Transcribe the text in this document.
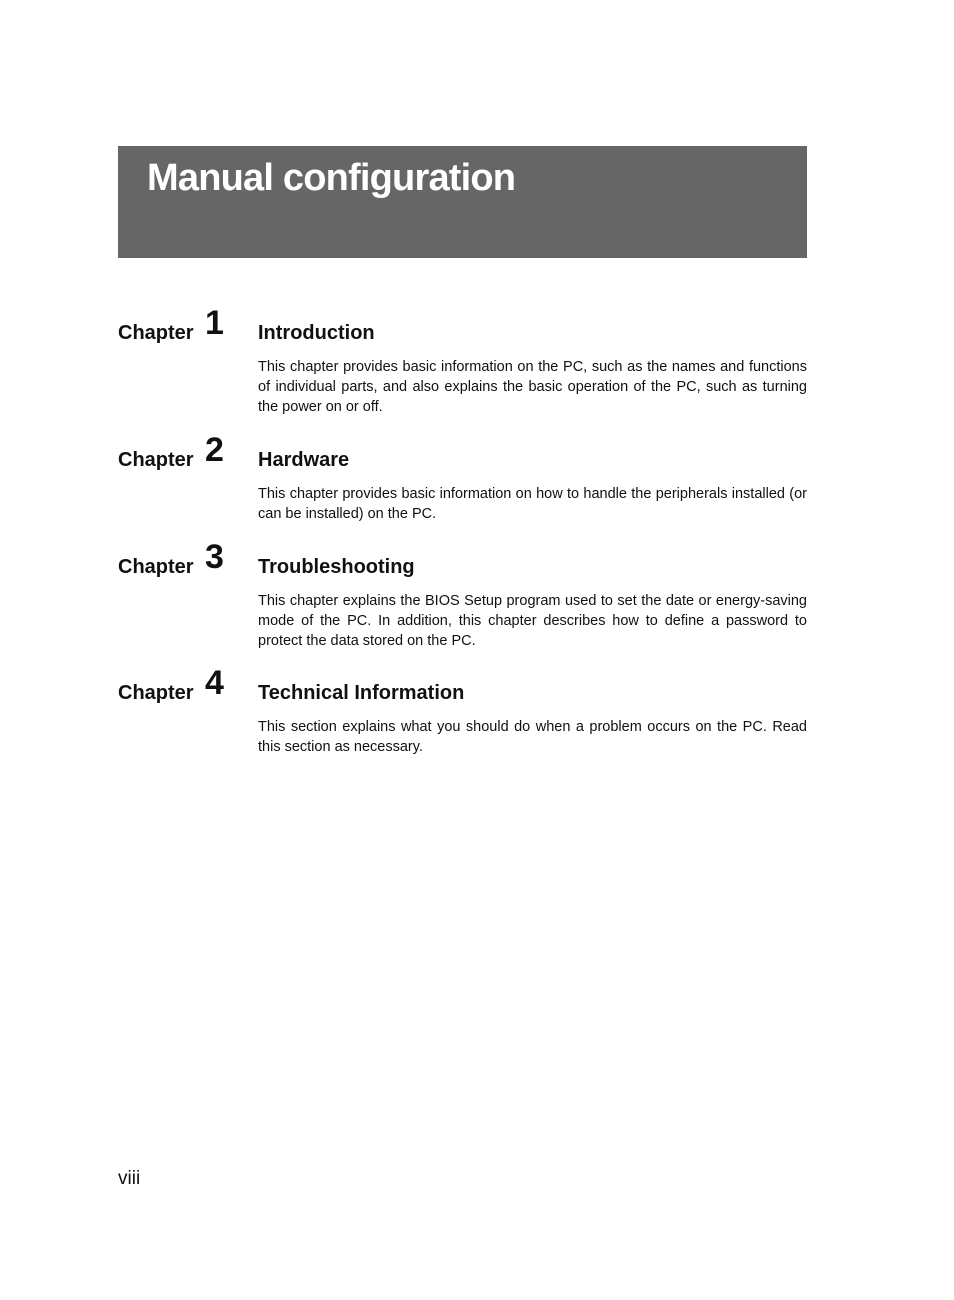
Manual configuration
Chapter 1 Introduction

This chapter provides basic information on the PC, such as the names and functions of individual parts, and also explains the basic operation of the PC, such as turning the power on or off.

Chapter 2 Hardware

This chapter provides basic information on how to handle the peripherals installed (or can be installed) on the PC.

Chapter 3 Troubleshooting

This chapter explains the BIOS Setup program used to set the date or energy-saving mode of the PC. In addition, this chapter describes how to define a password to protect the data stored on the PC.

Chapter 4 Technical Information

This section explains what you should do when a problem occurs on the PC. Read this section as necessary.

viii
